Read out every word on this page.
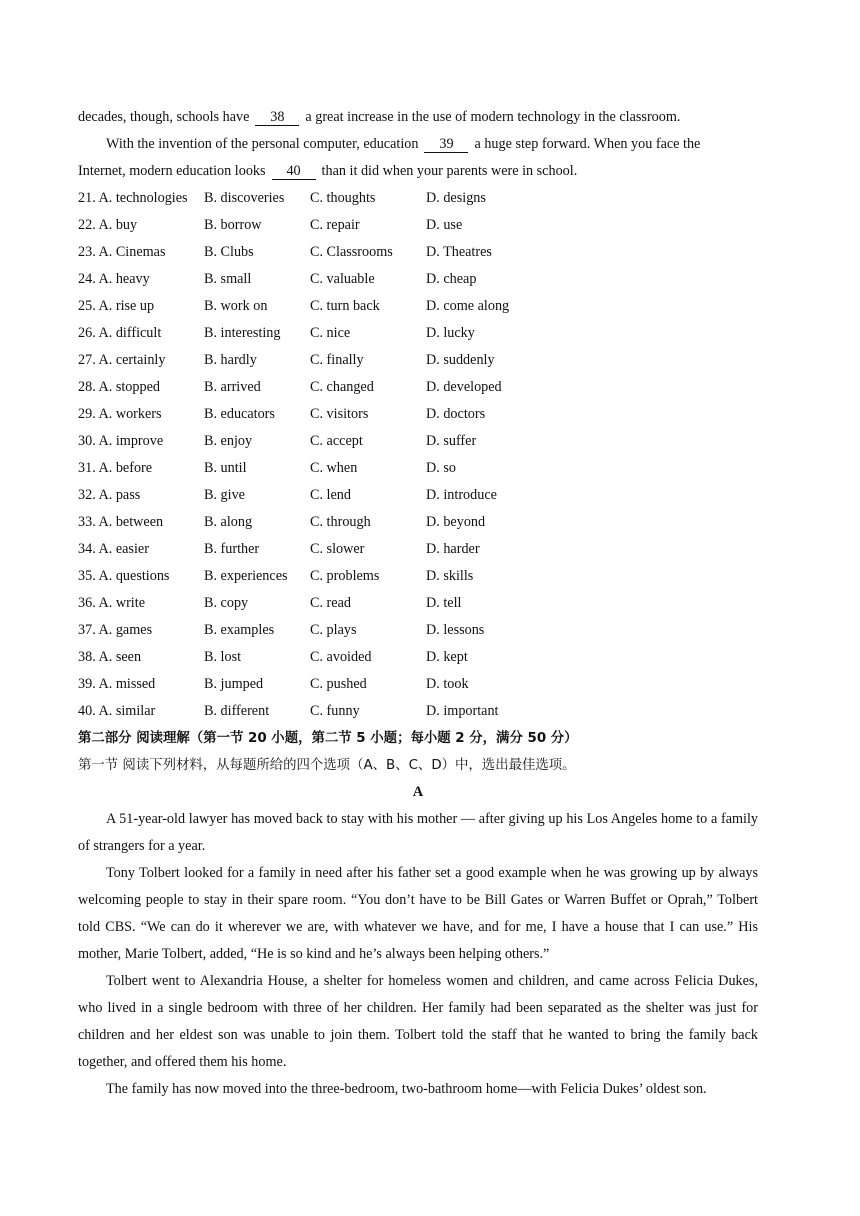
decades, though, schools have 38 a great increase in the use of modern technology in the classroom.
With the invention of the personal computer, education 39 a huge step forward. When you face the
Internet, modern education looks 40 than it did when your parents were in school.
21. A. technologies	B. discoveries	C. thoughts	D. designs
22. A. buy	B. borrow	C. repair	D. use
23. A. Cinemas	B. Clubs	C. Classrooms	D. Theatres
24. A. heavy	B. small	C. valuable	D. cheap
25. A. rise up	B. work on	C. turn back	D. come along
26. A. difficult	B. interesting	C. nice	D. lucky
27. A. certainly	B. hardly	C. finally	D. suddenly
28. A. stopped	B. arrived	C. changed	D. developed
29. A. workers	B. educators	C. visitors	D. doctors
30. A. improve	B. enjoy	C. accept	D. suffer
31. A. before	B. until	C. when	D. so
32. A. pass	B. give	C. lend	D. introduce
33. A. between	B. along	C. through	D. beyond
34. A. easier	B. further	C. slower	D. harder
35. A. questions	B. experiences	C. problems	D. skills
36. A. write	B. copy	C. read	D. tell
37. A. games	B. examples	C. plays	D. lessons
38. A. seen	B. lost	C. avoided	D. kept
39. A. missed	B. jumped	C. pushed	D. took
40. A. similar	B. different	C. funny	D. important
第二部分 阅读理解（第一节 20 小题，第二节 5 小题；每小题 2 分，满分 50 分）
第一节 阅读下列材料，从每题所给的四个选项（A、B、C、D）中，选出最佳选项。
A

A 51-year-old lawyer has moved back to stay with his mother — after giving up his Los Angeles home to a family of strangers for a year.

Tony Tolbert looked for a family in need after his father set a good example when he was growing up by always welcoming people to stay in their spare room. “You don’t have to be Bill Gates or Warren Buffet or Oprah,” Tolbert told CBS. “We can do it wherever we are, with whatever we have, and for me, I have a house that I can use.” His mother, Marie Tolbert, added, “He is so kind and he’s always been helping others.”

Tolbert went to Alexandria House, a shelter for homeless women and children, and came across Felicia Dukes, who lived in a single bedroom with three of her children. Her family had been separated as the shelter was just for children and her eldest son was unable to join them. Tolbert told the staff that he wanted to bring the family back together, and offered them his home.

The family has now moved into the three-bedroom, two-bathroom home—with Felicia Dukes’ oldest son.
